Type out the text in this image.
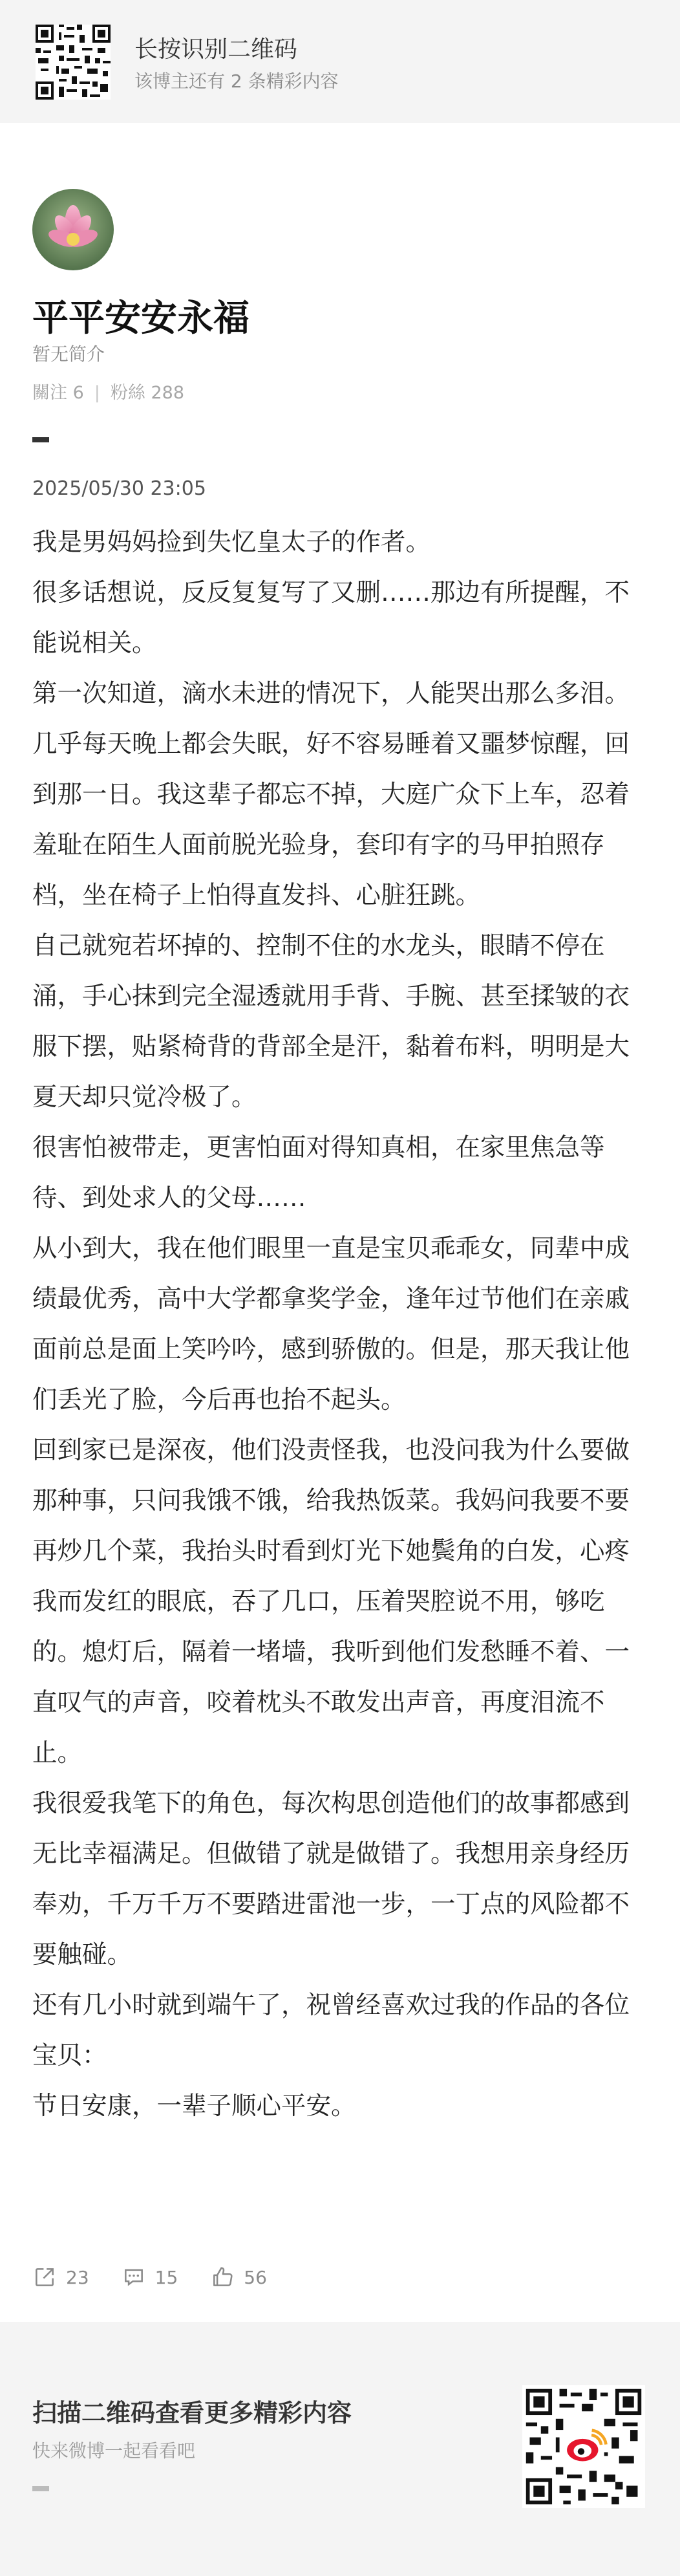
长按识别二维码
该博主还有 2 条精彩内容
平平安安永福
暂无简介
關注 6 | 粉絲 288
2025/05/30 23:05

我是男妈妈捡到失忆皇太子的作者。

很多话想说，反反复复写了又删……那边有所提醒，不能说相关。

第一次知道，滴水未进的情况下，人能哭出那么多泪。几乎每天晚上都会失眠，好不容易睡着又噩梦惊醒，回到那一日。我这辈子都忘不掉，大庭广众下上车，忍着羞耻在陌生人面前脱光验身，套印有字的马甲拍照存档，坐在椅子上怕得直发抖、心脏狂跳。

自己就宛若坏掉的、控制不住的水龙头，眼睛不停在涌，手心抹到完全湿透就用手背、手腕、甚至揉皱的衣服下摆，贴紧椅背的背部全是汗，黏着布料，明明是大夏天却只觉冷极了。

很害怕被带走，更害怕面对得知真相，在家里焦急等待、到处求人的父母……

从小到大，我在他们眼里一直是宝贝乖乖女，同辈中成绩最优秀，高中大学都拿奖学金，逢年过节他们在亲戚面前总是面上笑吟吟，感到骄傲的。但是，那天我让他们丢光了脸，今后再也抬不起头。

回到家已是深夜，他们没责怪我，也没问我为什么要做那种事，只问我饿不饿，给我热饭菜。我妈问我要不要再炒几个菜，我抬头时看到灯光下她鬓角的白发，心疼我而发红的眼底，吞了几口，压着哭腔说不用，够吃的。熄灯后，隔着一堵墙，我听到他们发愁睡不着、一直叹气的声音，咬着枕头不敢发出声音，再度泪流不止。

我很爱我笔下的角色，每次构思创造他们的故事都感到无比幸福满足。但做错了就是做错了。我想用亲身经历奉劝，千万千万不要踏进雷池一步，一丁点的风险都不要触碰。

还有几小时就到端午了，祝曾经喜欢过我的作品的各位宝贝：

节日安康，一辈子顺心平安。

23	15	56
扫描二维码查看更多精彩内容
快来微博一起看看吧
